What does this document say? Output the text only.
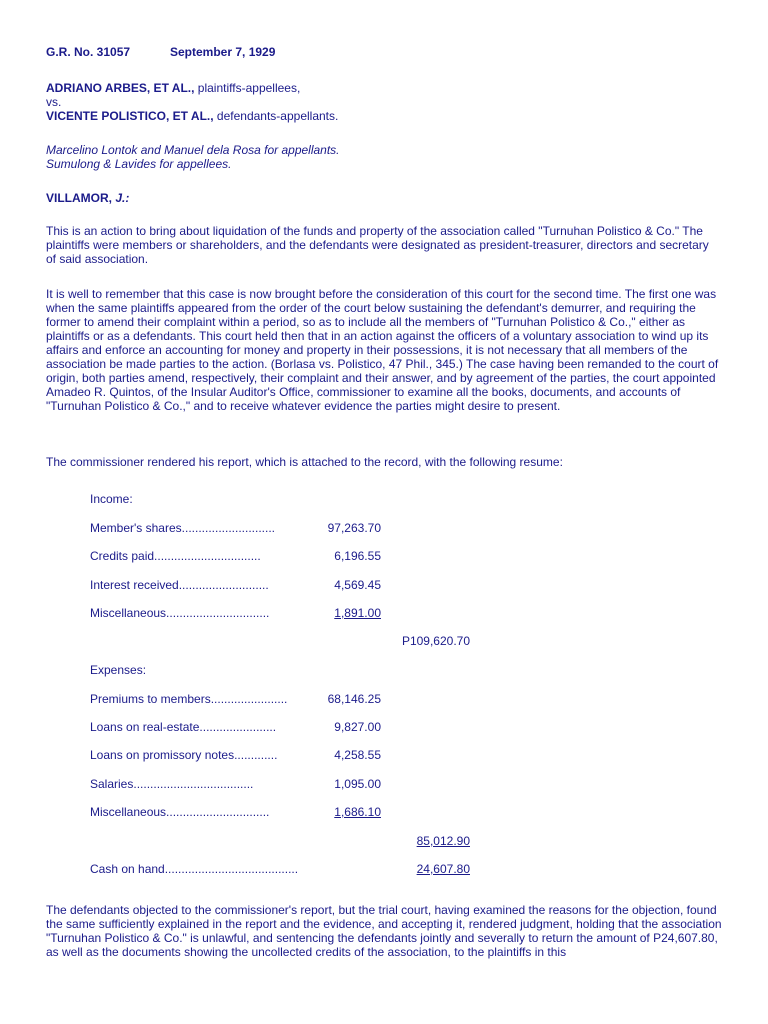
G.R. No. 31057	September 7, 1929
ADRIANO ARBES, ET AL., plaintiffs-appellees,
vs.
VICENTE POLISTICO, ET AL., defendants-appellants.
Marcelino Lontok and Manuel dela Rosa for appellants.
Sumulong & Lavides for appellees.
VILLAMOR, J.:

This is an action to bring about liquidation of the funds and property of the association called "Turnuhan Polistico & Co." The plaintiffs were members or shareholders, and the defendants were designated as president-treasurer, directors and secretary of said association.

It is well to remember that this case is now brought before the consideration of this court for the second time. The first one was when the same plaintiffs appeared from the order of the court below sustaining the defendant's demurrer, and requiring the former to amend their complaint within a period, so as to include all the members of "Turnuhan Polistico & Co.," either as plaintiffs or as a defendants. This court held then that in an action against the officers of a voluntary association to wind up its affairs and enforce an accounting for money and property in their possessions, it is not necessary that all members of the association be made parties to the action. (Borlasa vs. Polistico, 47 Phil., 345.) The case having been remanded to the court of origin, both parties amend, respectively, their complaint and their answer, and by agreement of the parties, the court appointed Amadeo R. Quintos, of the Insular Auditor's Office, commissioner to examine all the books, documents, and accounts of "Turnuhan Polistico & Co.," and to receive whatever evidence the parties might desire to present.

The commissioner rendered his report, which is attached to the record, with the following resume:

Income:
Member's shares............................	97,263.70
Credits paid................................	6,196.55
Interest received...........................	4,569.45
Miscellaneous...............................	1,891.00
P109,620.70
Expenses:
Premiums to members.......................	68,146.25
Loans on real-estate.......................	9,827.00
Loans on promissory notes.............	4,258.55
Salaries....................................	1,095.00
Miscellaneous...............................	1,686.10
85,012.90
Cash on hand........................................	24,607.80

The defendants objected to the commissioner's report, but the trial court, having examined the reasons for the objection, found the same sufficiently explained in the report and the evidence, and accepting it, rendered judgment, holding that the association "Turnuhan Polistico & Co." is unlawful, and sentencing the defendants jointly and severally to return the amount of P24,607.80, as well as the documents showing the uncollected credits of the association, to the plaintiffs in this
